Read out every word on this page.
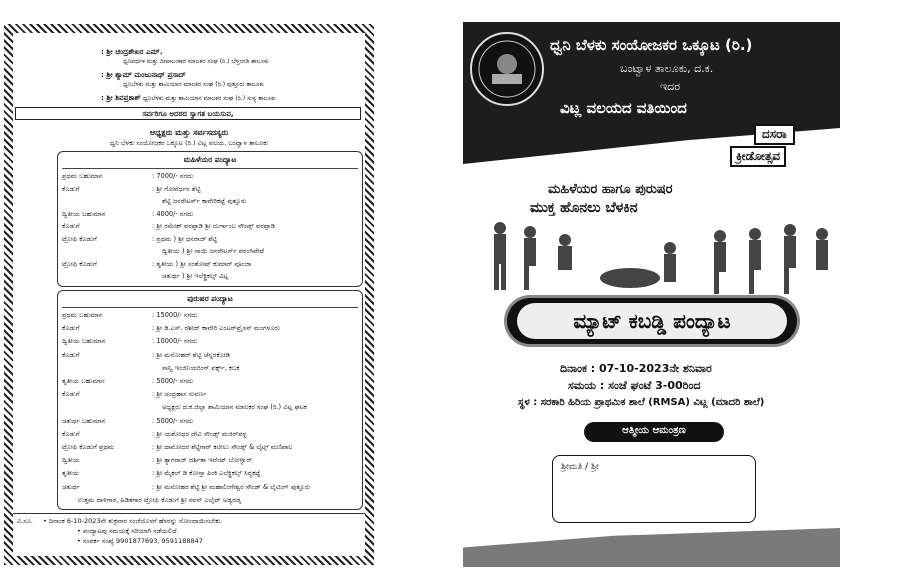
: ಶ್ರೀ ಚಂದ್ರಶೇಖರ ಎಮ್.
ಧ್ವನಿವರ್ಧಕ ಮತ್ತು ದೀಪಾಲಂಕಾರ ಮಾಲಕರ ಸಂಘ (ರಿ.) ಬೆಳ್ತಂಗಡಿ ತಾಲೂಕು
: ಶ್ರೀ ಶ್ಯಾಮ್ ಮಂಜುನಾಥ್ ಪ್ರಸಾದ್
ಧ್ವನಿಬೆಳಕು ಮತ್ತು ಶಾಮಿಯಾನ ಮಾಲಕರ ಸಂಘ (ರಿ.) ಪುತ್ತೂರು ತಾಲೂಕು
: ಶ್ರೀ ಶಿವಪ್ರಕಾಶ್ ಧ್ವನಿಬೆಳಕು ಮತ್ತು ಶಾಮಿಯಾನ ಮಾಲಕರ ಸಂಘ (ರಿ.) ಸುಳ್ಯ ತಾಲೂಕು
ಸರ್ವರಿಗೂ ಆದರದ ಸ್ವಾಗತ ಬಯಸುವ,
ಅಧ್ಯಕ್ಷರು ಮತ್ತು ಸರ್ವಸದಸ್ಯರು
ಧ್ವನಿ ಬೆಳಕು ಸಂಯೋಜಕರ ಒಕ್ಕೂಟ (ರಿ.) ವಿಟ್ಲ ವಲಯ, ಬಂಟ್ವಾಳ ತಾಲೂಕು
ಮಹಿಳೆಯರ ಪಂದ್ಯಾಟ
ಪ್ರಥಮ ಬಹುಮಾನ	: 7000/- ನಗದು
ಕೊಡುಗೆ	: ಶ್ರೀ ಗೋವರ್ಧನ ಶೆಟ್ಟಿ
ಶೆಟ್ಟಿ ಜನರೇಟರ್ಸ್ ಕಾವೇರಿಕಟ್ಟೆ ಪುತ್ತೂರು
ದ್ವಿತೀಯ ಬಹುಮಾನ	: 4000/- ನಗದು
ಕೊಡುಗೆ	: ಶ್ರೀ ರಮೇಶ್ ವರಪ್ಪಾಡಿ ಶ್ರೀ ದುರ್ಗಾಂಬ ಸೌಂಡ್ಸ್ ವರಪ್ಪಾಡಿ
ಟ್ರೋಫಿ ಕೊಡುಗೆ	: ಪ್ರಥಮ ) ಶ್ರೀ ಧನರಾಜ್ ಶೆಟ್ಟಿ
ದ್ವಿತೀಯ ) ಶ್ರೀ ಸಾಯಿ ಜನರೇಟರ್ಸ್ ಪರಂಗಿಪೇಟೆ
ಟ್ರೋಫಿ ಕೊಡುಗೆ	: ತೃತೀಯ ) ಶ್ರೀ ಸಂತೋಷ್ ಕುಮಾರ್ ಪೂಂಜಾ
ಚತುರ್ಥ ) ಶ್ರೀ ಇಲೆಕ್ಟ್ರಿಕಲ್ಸ್ ವಿಟ್ಲ
ಪುರುಷರ ಪಂದ್ಯಾಟ
ಪ್ರಥಮ ಬಹುಮಾನ	: 15000/- ನಗದು
ಕೊಡುಗೆ	: ಶ್ರೀ ಡಿ.ಎಸ್. ರಶೀದ್ ಕಾವೇರಿ ಎಂಟರ್‌ಪ್ರೈಸಸ್ ಮಂಗಳೂರು
ದ್ವಿತೀಯ ಬಹುಮಾನ	: 10000/- ನಗದು
ಕೊಡುಗೆ	: ಶ್ರೀ ಮನೋಹರ್ ಶೆಟ್ಟಿ ಚೆನ್ನರಕೋಡಿ
ಸಾನ್ವಿ ಇಂಜಿನಿಯರಿಂಗ್ ವರ್ಕ್ಸ್, ಕಬಕ
ತೃತೀಯ ಬಹುಮಾನ	: 5000/- ನಗದು
ಕೊಡುಗೆ	: ಶ್ರೀ ಚಂದ್ರಹಾಸ ಸುವರ್ಣ
ಅಧ್ಯಕ್ಷರು ದ.ಕ.ಜಿಲ್ಲಾ ಶಾಮಿಯಾನ ಮಾಲಕರ ಸಂಘ (ರಿ.) ವಿಟ್ಲ ಘಟಕ
ಚತುರ್ಥ ಬಹುಮಾನ	: 5000/- ನಗದು
ಕೊಡುಗೆ	: ಶ್ರೀ ಯಶೋಧರ ದೇವಿ ಸೌಂಡ್ಸ್ ಮಜಿರ್‌ಪಳ್ಳ
ಟ್ರೋಫಿ ಕೊಡುಗೆ ಪ್ರಥಮ	: ಶ್ರೀ ದಾಮೋದರ ಶೆಟ್ಟಿಗಾರ್ ಕಟೀಲು ಸೌಂಡ್ಸ್ & ಲೈಟ್ಸ್ ಮಣಿಪಾಲ
ದ್ವಿತೀಯ	: ಶ್ರೀ ತ್ಯಾಗರಾಜ್ ದರ್ಶಿತಾ ಇವೆಂಟ್ ಬೋಳ್ವಾರ್
ತೃತೀಯ	: ಶ್ರೀ ಮೈಕಲ್ ಡಿ ಕೋಸ್ತಾ ಪಿಂಕಿ ಎಲೆಕ್ಟ್ರಿಕಲ್ಸ್ ಸಿದ್ಧಕಟ್ಟೆ
ಚತುರ್ಥ	: ಶ್ರೀ ಮನೋಹರ ಶೆಟ್ಟಿ ಶ್ರೀ ಮಹಾಲಿಂಗೇಶ್ವರ ಸೌಂಡ್ & ಲೈಟಿಂಗ್ ಪುತ್ತೂರು
ಉತ್ತಮ ದಾಳಿಗಾರ, ಹಿಡಿತಗಾರ ಟ್ರೋಫಿ ಕೊಡುಗೆ ಶ್ರೀ ಸವನ್ ಎಲೈಟ್ ಅಡ್ಯನಡ್ಕ
ವಿ.ಸೂ. • ದಿನಾಂಕ 6-10-2023ನೇ ಶುಕ್ರವಾರ ಸಂಜೆಯೊಳಗೆ ಹೆಸರನ್ನು ನೋಂದಾಯಿಸಬೇಕು.
• ಪಂದ್ಯಾಟವು ಸಮಯಕ್ಕೆ ಸರಿಯಾಗಿ ನಡೆಯಲಿದೆ.
• ಸಂಪರ್ಕ ಸಂಖ್ಯೆ 9901877693, 9591188847
ಧ್ವನಿ ಬೆಳಕು ಸಂಯೋಜಕರ ಒಕ್ಕೂಟ (ರಿ.)
ಬಂಟ್ವಾಳ ತಾಲೂಕು, ದ.ಕ.
ಇದರ
ವಿಟ್ಲ ವಲಯದ ವತಿಯಿಂದ
ದಸರಾ
ಕ್ರೀಡೋತ್ಸವ
ಮಹಿಳೆಯರ ಹಾಗೂ ಪುರುಷರ
ಮುಕ್ತ ಹೊನಲು ಬೆಳಕಿನ
ಮ್ಯಾಟ್ ಕಬಡ್ಡಿ ಪಂದ್ಯಾಟ
ದಿನಾಂಕ : 07-10-2023ನೇ ಶನಿವಾರ
ಸಮಯ : ಸಂಜೆ ಘಂಟೆ 3-00ರಿಂದ
ಸ್ಥಳ : ಸರಕಾರಿ ಹಿರಿಯ ಪ್ರಾಥಮಿಕ ಶಾಲೆ (RMSA) ವಿಟ್ಲ (ಮಾದರಿ ಶಾಲೆ)
ಆತ್ಮೀಯ ಆಮಂತ್ರಣ
ಶ್ರೀಮತಿ / ಶ್ರೀ
